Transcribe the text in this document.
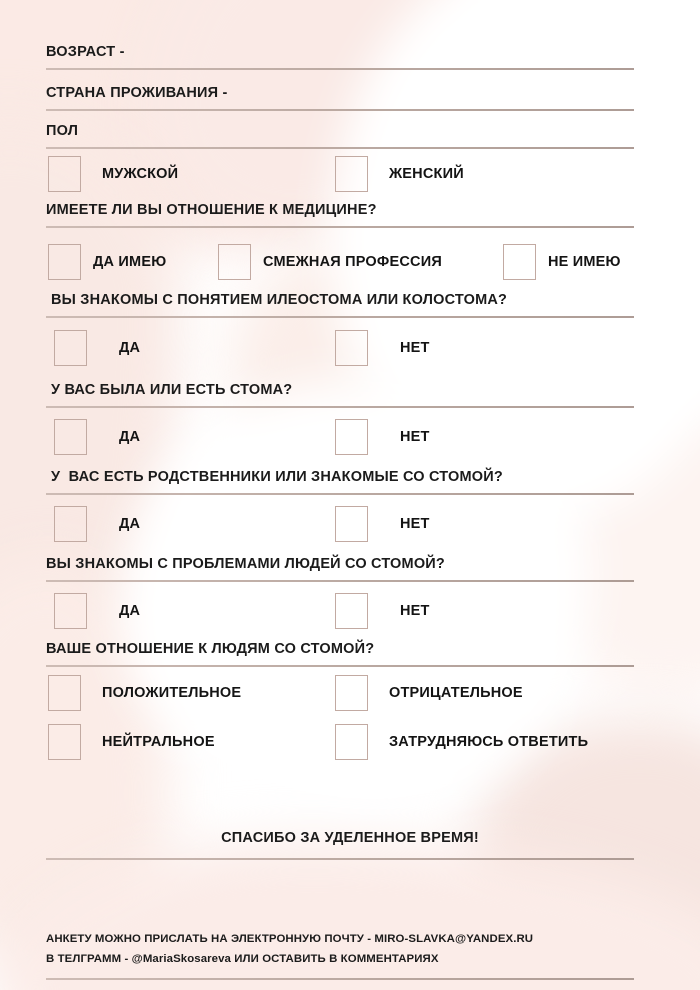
ВОЗРАСТ -
СТРАНА ПРОЖИВАНИЯ -
ПОЛ
МУЖСКОЙ	ЖЕНСКИЙ
ИМЕЕТЕ ЛИ ВЫ ОТНОШЕНИЕ К МЕДИЦИНЕ?
ДА ИМЕЮ	СМЕЖНАЯ ПРОФЕССИЯ	НЕ ИМЕЮ
ВЫ ЗНАКОМЫ С ПОНЯТИЕМ ИЛЕОСТОМА ИЛИ КОЛОСТОМА?
ДА	НЕТ
У ВАС БЫЛА ИЛИ ЕСТЬ СТОМА?
ДА	НЕТ
У  ВАС ЕСТЬ РОДСТВЕННИКИ ИЛИ ЗНАКОМЫЕ СО СТОМОЙ?
ДА	НЕТ
ВЫ ЗНАКОМЫ С ПРОБЛЕМАМИ ЛЮДЕЙ СО СТОМОЙ?
ДА	НЕТ
ВАШЕ ОТНОШЕНИЕ К ЛЮДЯМ СО СТОМОЙ?
ПОЛОЖИТЕЛЬНОЕ	ОТРИЦАТЕЛЬНОЕ
НЕЙТРАЛЬНОЕ	ЗАТРУДНЯЮСЬ ОТВЕТИТЬ
СПАСИБО ЗА УДЕЛЕННОЕ ВРЕМЯ!
АНКЕТУ МОЖНО ПРИСЛАТЬ НА ЭЛЕКТРОННУЮ ПОЧТУ - MIRO-SLAVKA@YANDEX.RU
В ТЕЛГРАММ - @MariaSkosareva ИЛИ ОСТАВИТЬ В КОММЕНТАРИЯХ
